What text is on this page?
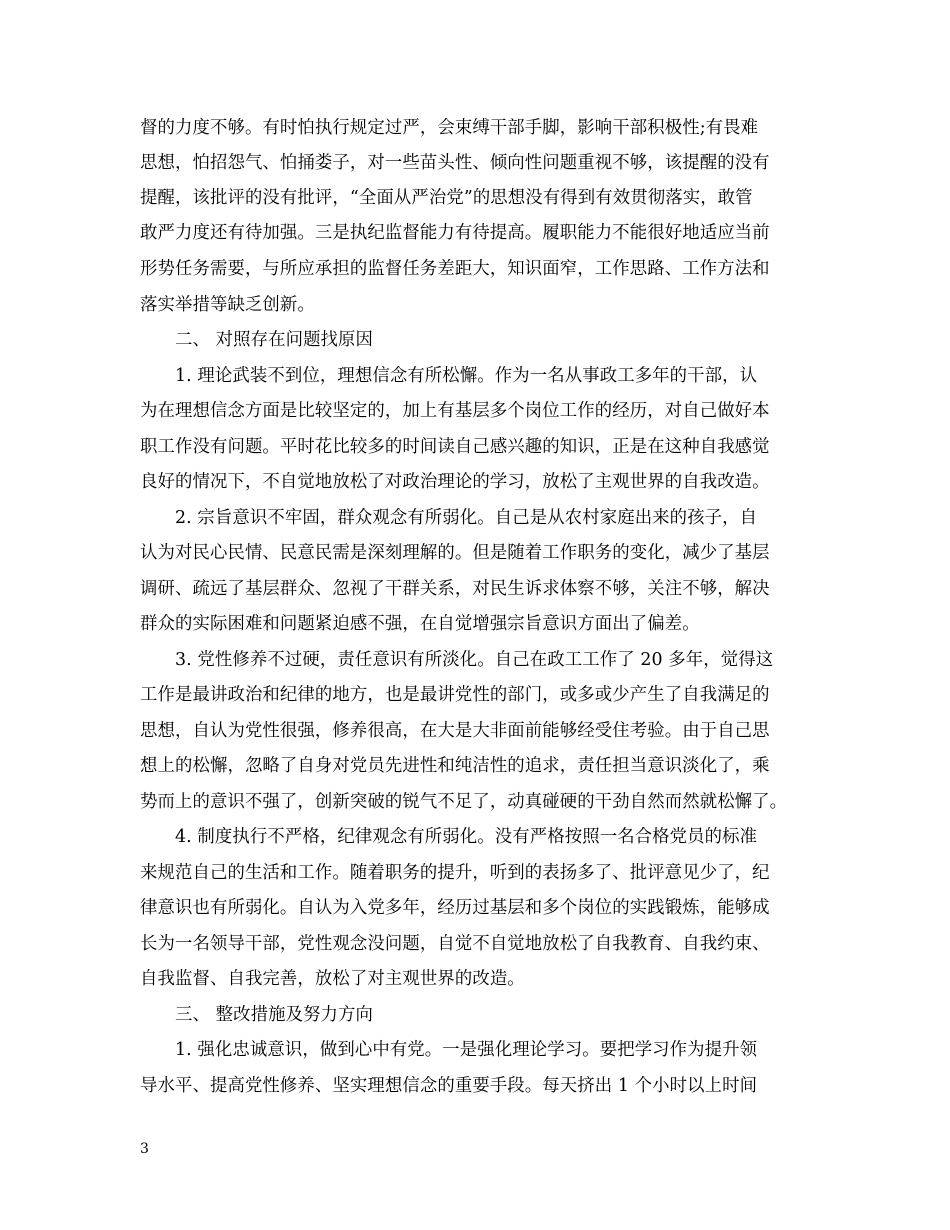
督的力度不够。有时怕执行规定过严，会束缚干部手脚，影响干部积极性;有畏难
思想，怕招怨气、怕捅娄子，对一些苗头性、倾向性问题重视不够，该提醒的没有
提醒，该批评的没有批评，“全面从严治党”的思想没有得到有效贯彻落实，敢管
敢严力度还有待加强。三是执纪监督能力有待提高。履职能力不能很好地适应当前
形势任务需要，与所应承担的监督任务差距大，知识面窄，工作思路、工作方法和
落实举措等缺乏创新。
二、 对照存在问题找原因
1. 理论武装不到位，理想信念有所松懈。作为一名从事政工多年的干部，认
为在理想信念方面是比较坚定的，加上有基层多个岗位工作的经历，对自己做好本
职工作没有问题。平时花比较多的时间读自己感兴趣的知识，正是在这种自我感觉
良好的情况下，不自觉地放松了对政治理论的学习，放松了主观世界的自我改造。
2. 宗旨意识不牢固，群众观念有所弱化。自己是从农村家庭出来的孩子，自
认为对民心民情、民意民需是深刻理解的。但是随着工作职务的变化，减少了基层
调研、疏远了基层群众、忽视了干群关系，对民生诉求体察不够，关注不够，解决
群众的实际困难和问题紧迫感不强，在自觉增强宗旨意识方面出了偏差。
3. 党性修养不过硬，责任意识有所淡化。自己在政工工作了 20 多年，觉得这
工作是最讲政治和纪律的地方，也是最讲党性的部门，或多或少产生了自我满足的
思想，自认为党性很强，修养很高，在大是大非面前能够经受住考验。由于自己思
想上的松懈，忽略了自身对党员先进性和纯洁性的追求，责任担当意识淡化了，乘
势而上的意识不强了，创新突破的锐气不足了，动真碰硬的干劲自然而然就松懈了。
4. 制度执行不严格，纪律观念有所弱化。没有严格按照一名合格党员的标准
来规范自己的生活和工作。随着职务的提升，听到的表扬多了、批评意见少了，纪
律意识也有所弱化。自认为入党多年，经历过基层和多个岗位的实践锻炼，能够成
长为一名领导干部，党性观念没问题，自觉不自觉地放松了自我教育、自我约束、
自我监督、自我完善，放松了对主观世界的改造。
三、 整改措施及努力方向
1. 强化忠诚意识，做到心中有党。一是强化理论学习。要把学习作为提升领
导水平、提高党性修养、坚实理想信念的重要手段。每天挤出 1 个小时以上时间
3
